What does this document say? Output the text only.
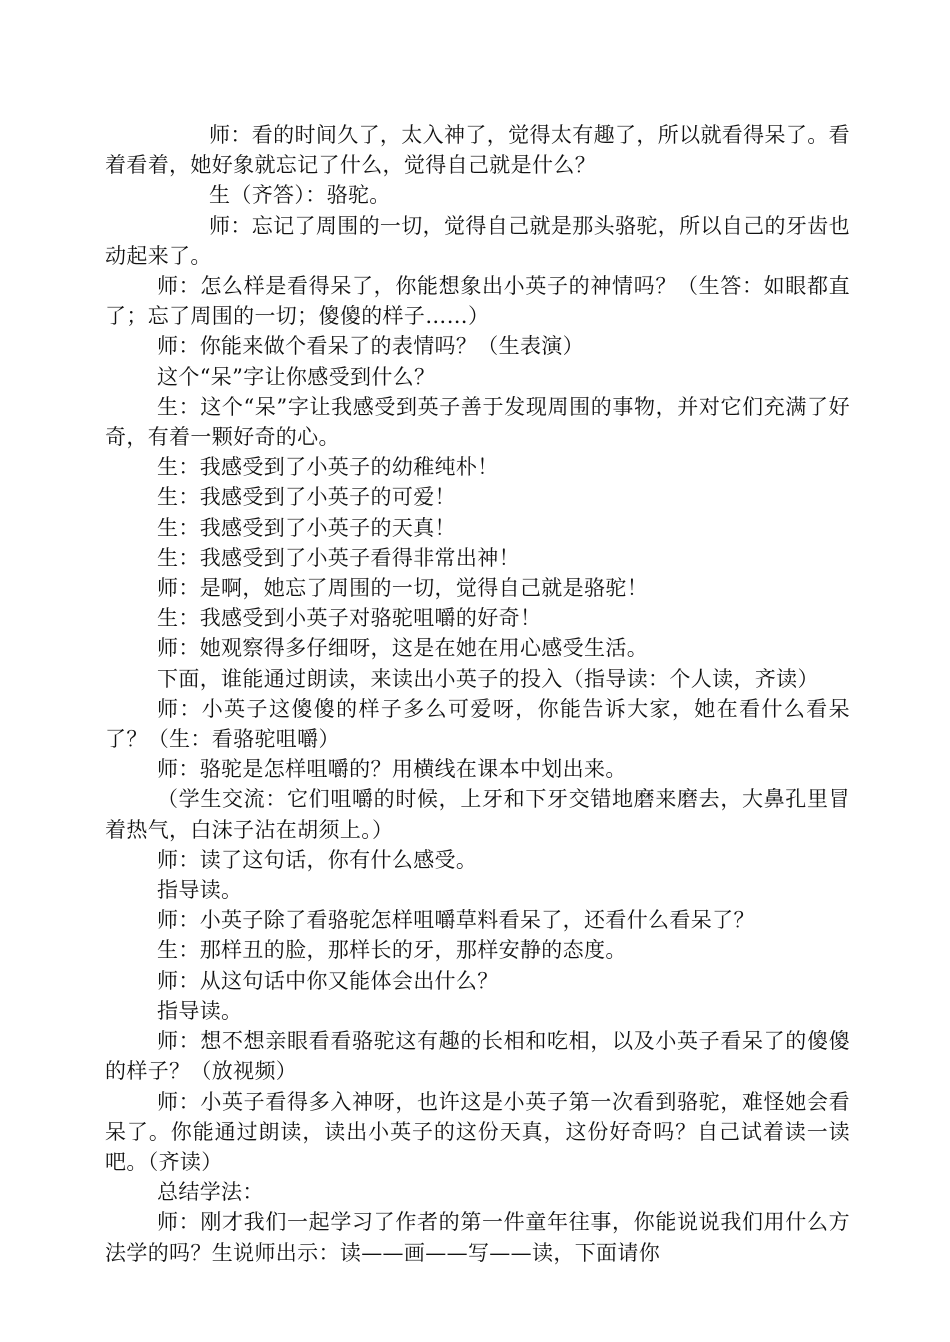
师：看的时间久了，太入神了，觉得太有趣了，所以就看得呆了。看着看着，她好象就忘记了什么，觉得自己就是什么？

生（齐答）：骆驼。

师：忘记了周围的一切，觉得自己就是那头骆驼，所以自己的牙齿也动起来了。

师：怎么样是看得呆了，你能想象出小英子的神情吗？（生答：如眼都直了；忘了周围的一切；傻傻的样子……）

师：你能来做个看呆了的表情吗？（生表演）

这个“呆”字让你感受到什么？

生：这个“呆”字让我感受到英子善于发现周围的事物，并对它们充满了好奇，有着一颗好奇的心。

生：我感受到了小英子的幼稚纯朴！

生：我感受到了小英子的可爱！

生：我感受到了小英子的天真！

生：我感受到了小英子看得非常出神！

师：是啊，她忘了周围的一切，觉得自己就是骆驼！

生：我感受到小英子对骆驼咀嚼的好奇！

师：她观察得多仔细呀，这是在她在用心感受生活。

下面，谁能通过朗读，来读出小英子的投入（指导读：个人读，齐读）

师：小英子这傻傻的样子多么可爱呀，你能告诉大家，她在看什么看呆了？（生：看骆驼咀嚼）

师：骆驼是怎样咀嚼的？用横线在课本中划出来。

（学生交流：它们咀嚼的时候，上牙和下牙交错地磨来磨去，大鼻孔里冒着热气，白沫子沾在胡须上。）

师：读了这句话，你有什么感受。

指导读。

师：小英子除了看骆驼怎样咀嚼草料看呆了，还看什么看呆了？

生：那样丑的脸，那样长的牙，那样安静的态度。

师：从这句话中你又能体会出什么？

指导读。

师：想不想亲眼看看骆驼这有趣的长相和吃相，以及小英子看呆了的傻傻的样子？（放视频）

师：小英子看得多入神呀，也许这是小英子第一次看到骆驼，难怪她会看呆了。你能通过朗读，读出小英子的这份天真，这份好奇吗？自己试着读一读吧。（齐读）

总结学法：

师：刚才我们一起学习了作者的第一件童年往事，你能说说我们用什么方法学的吗？生说师出示：读——画——写——读，下面请你
